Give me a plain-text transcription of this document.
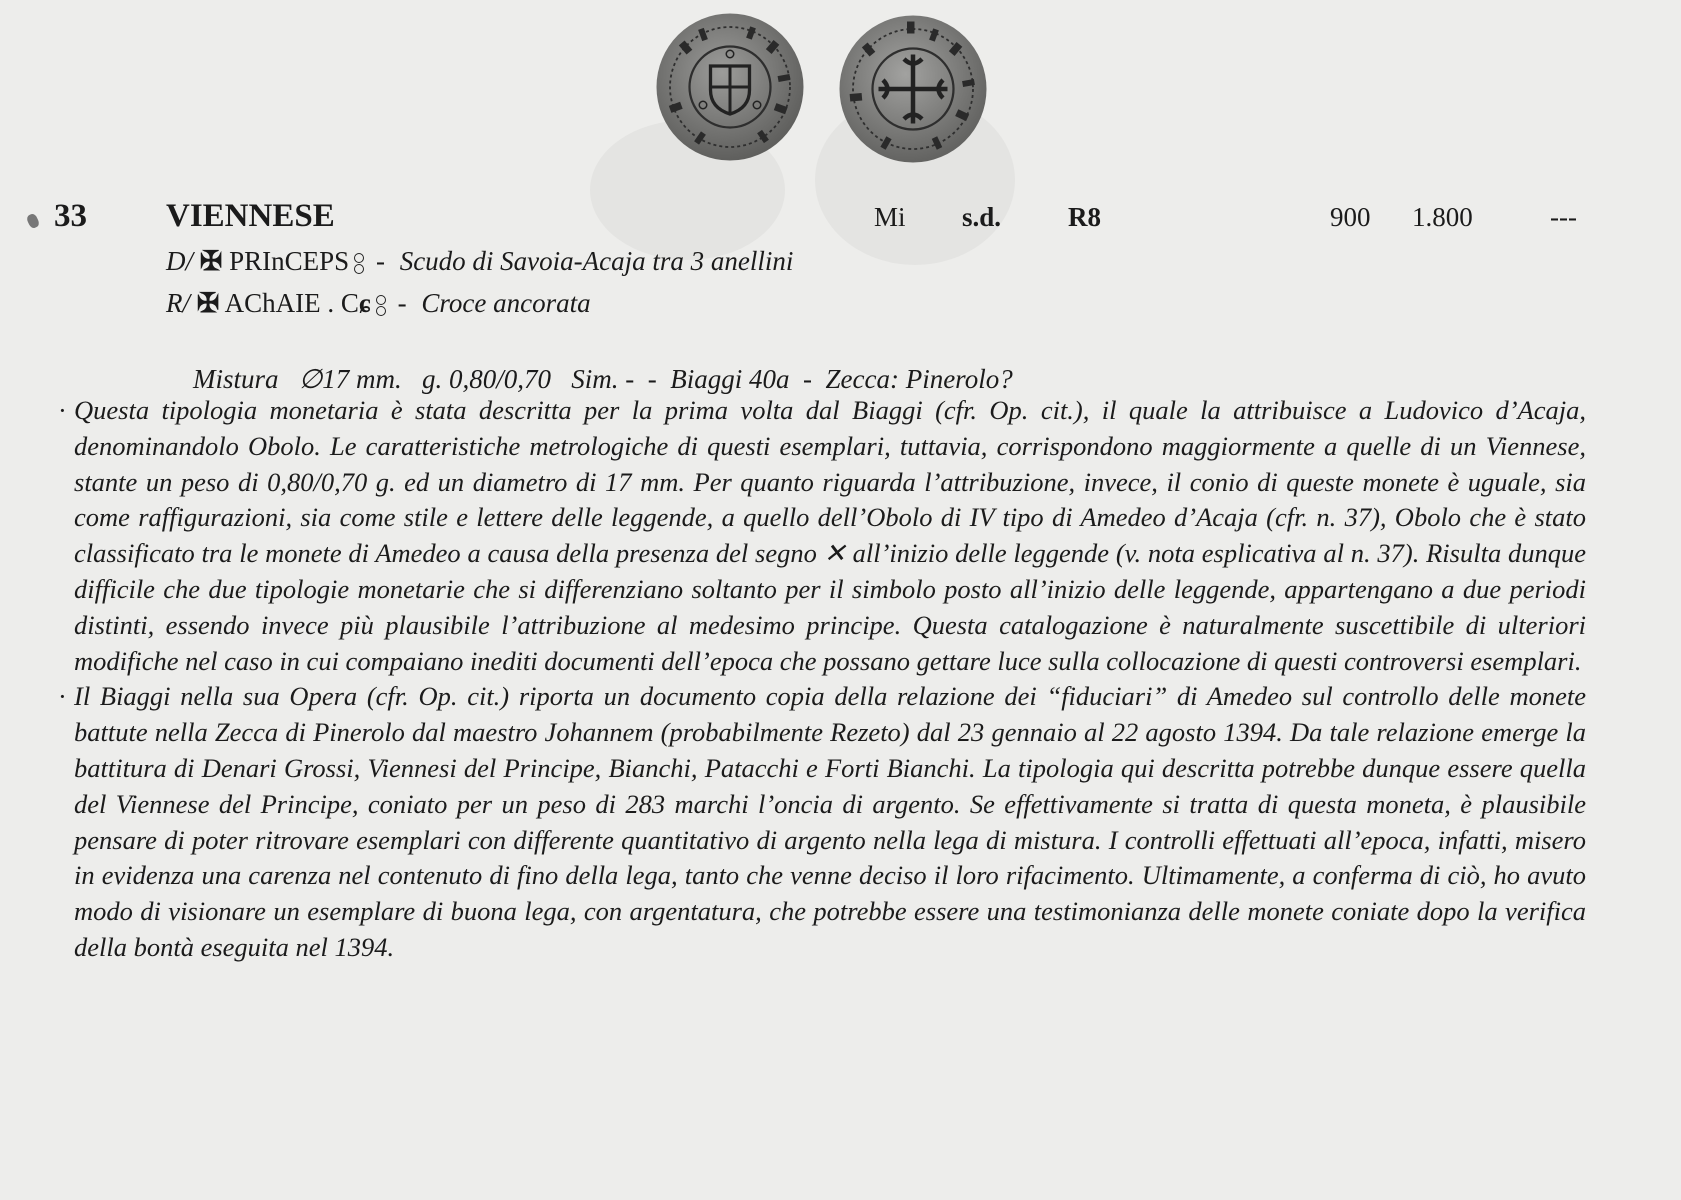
33 VIENNESE	Mi s.d. R8	900 1.800	---
D/ ✠ PRInCEPS - Scudo di Savoia-Acaja tra 3 anellini
R/ ✠ AChAIE . Cɕ - Croce ancorata

Mistura   ∅17 mm.   g. 0,80/0,70   Sim. -  -  Biaggi 40a  -  Zecca: Pinerolo?

· Questa tipologia monetaria è stata descritta per la prima volta dal Biaggi (cfr. Op. cit.), il quale la attribuisce a Ludovico d’Acaja, denominandolo Obolo. Le caratteristiche metrologiche di questi esemplari, tuttavia, corrispondono maggiormente a quelle di un Viennese, stante un peso di 0,80/0,70 g. ed un diametro di 17 mm. Per quanto riguarda l’attribuzione, invece, il conio di queste monete è uguale, sia come raffigurazioni, sia come stile e lettere delle leggende, a quello dell’Obolo di IV tipo di Amedeo d’Acaja (cfr. n. 37), Obolo che è stato classificato tra le monete di Amedeo a causa della presenza del segno ✕ all’inizio delle leggende (v. nota esplicativa al n. 37). Risulta dunque difficile che due tipologie monetarie che si differenziano soltanto per il simbolo posto all’inizio delle leggende, appartengano a due periodi distinti, essendo invece più plausibile l’attribuzione al medesimo principe. Questa catalogazione è naturalmente suscettibile di ulteriori modifiche nel caso in cui compaiano inediti documenti dell’epoca che possano gettare luce sulla collocazione di questi controversi esemplari.

· Il Biaggi nella sua Opera (cfr. Op. cit.) riporta un documento copia della relazione dei “fiduciari” di Amedeo sul controllo delle monete battute nella Zecca di Pinerolo dal maestro Johannem (probabilmente Rezeto) dal 23 gennaio al 22 agosto 1394. Da tale relazione emerge la battitura di Denari Grossi, Viennesi del Principe, Bianchi, Patacchi e Forti Bianchi. La tipologia qui descritta potrebbe dunque essere quella del Viennese del Principe, coniato per un peso di 283 marchi l’oncia di argento. Se effettivamente si tratta di questa moneta, è plausibile pensare di poter ritrovare esemplari con differente quantitativo di argento nella lega di mistura. I controlli effettuati all’epoca, infatti, misero in evidenza una carenza nel contenuto di fino della lega, tanto che venne deciso il loro rifacimento. Ultimamente, a conferma di ciò, ho avuto modo di visionare un esemplare di buona lega, con argentatura, che potrebbe essere una testimonianza delle monete coniate dopo la verifica della bontà eseguita nel 1394.
